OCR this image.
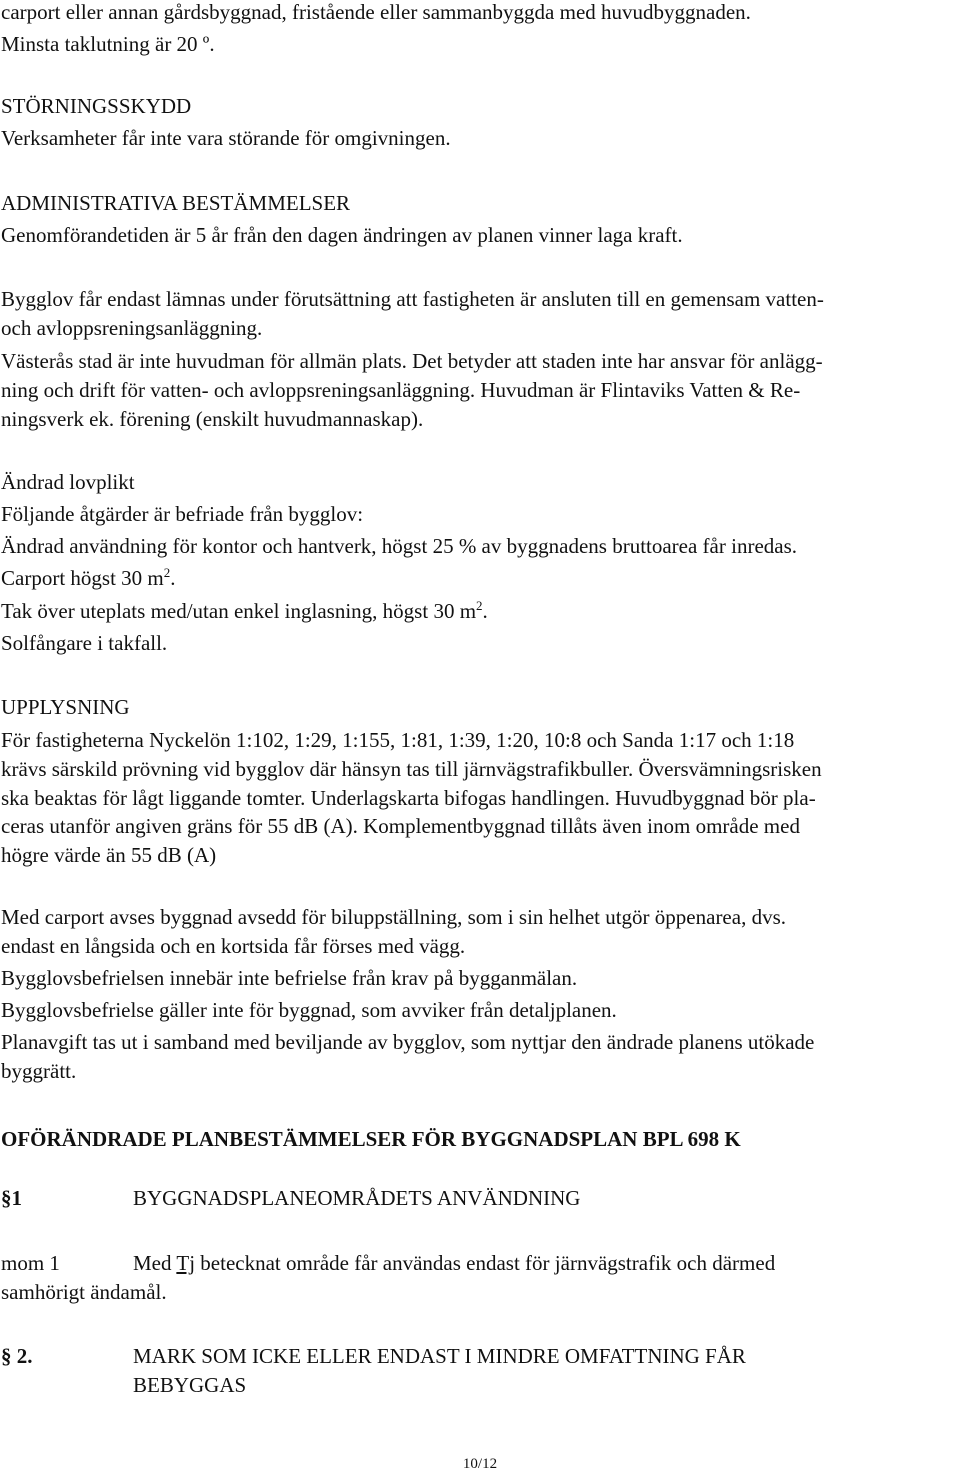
carport eller annan gårdsbyggnad, fristående eller sammanbyggda med huvudbyggnaden.
Minsta taklutning är 20 º.
STÖRNINGSSKYDD
Verksamheter får inte vara störande för omgivningen.
ADMINISTRATIVA BESTÄMMELSER
Genomförandetiden är 5 år från den dagen ändringen av planen vinner laga kraft.
Bygglov får endast lämnas under förutsättning att fastigheten är ansluten till en gemensam vatten-
och avloppsreningsanläggning.
Västerås stad är inte huvudman för allmän plats. Det betyder att staden inte har ansvar för anlägg-
ning och drift för vatten- och avloppsreningsanläggning. Huvudman är Flintaviks Vatten & Re-
ningsverk ek. förening (enskilt huvudmannaskap).
Ändrad lovplikt
Följande åtgärder är befriade från bygglov:
Ändrad användning för kontor och hantverk, högst 25 % av byggnadens bruttoarea får inredas.
Carport högst 30 $m^2$.
Tak över uteplats med/utan enkel inglasning, högst 30 $m^2$.
Solfångare i takfall.
UPPLYSNING
För fastigheterna Nyckelön 1:102, 1:29, 1:155, 1:81, 1:39, 1:20, 10:8 och Sanda 1:17 och 1:18
krävs särskild prövning vid bygglov där hänsyn tas till järnvägstrafikbuller. Översvämningsrisken
ska beaktas för lågt liggande tomter. Underlagskarta bifogas handlingen. Huvudbyggnad bör pla-
ceras utanför angiven gräns för 55 dB (A). Komplementbyggnad tillåts även inom område med
högre värde än 55 dB (A)
Med carport avses byggnad avsedd för biluppställning, som i sin helhet utgör öppenarea, dvs.
endast en långsida och en kortsida får förses med vägg.
Bygglovsbefrielsen innebär inte befrielse från krav på bygganmälan.
Bygglovsbefrielse gäller inte för byggnad, som avviker från detaljplanen.
Planavgift tas ut i samband med beviljande av bygglov, som nyttjar den ändrade planens utökade
byggrätt.
OFÖRÄNDRADE PLANBESTÄMMELSER FÖR BYGGNADSPLAN BPL 698 K
§1	BYGGNADSPLANEOMRÅDETS ANVÄNDNING
mom 1	Med Tj betecknat område får användas endast för järnvägstrafik och därmed
samhörigt ändamål.
§ 2.	MARK SOM ICKE ELLER ENDAST I MINDRE OMFATTNING FÅR
BEBYGGAS
10/12
